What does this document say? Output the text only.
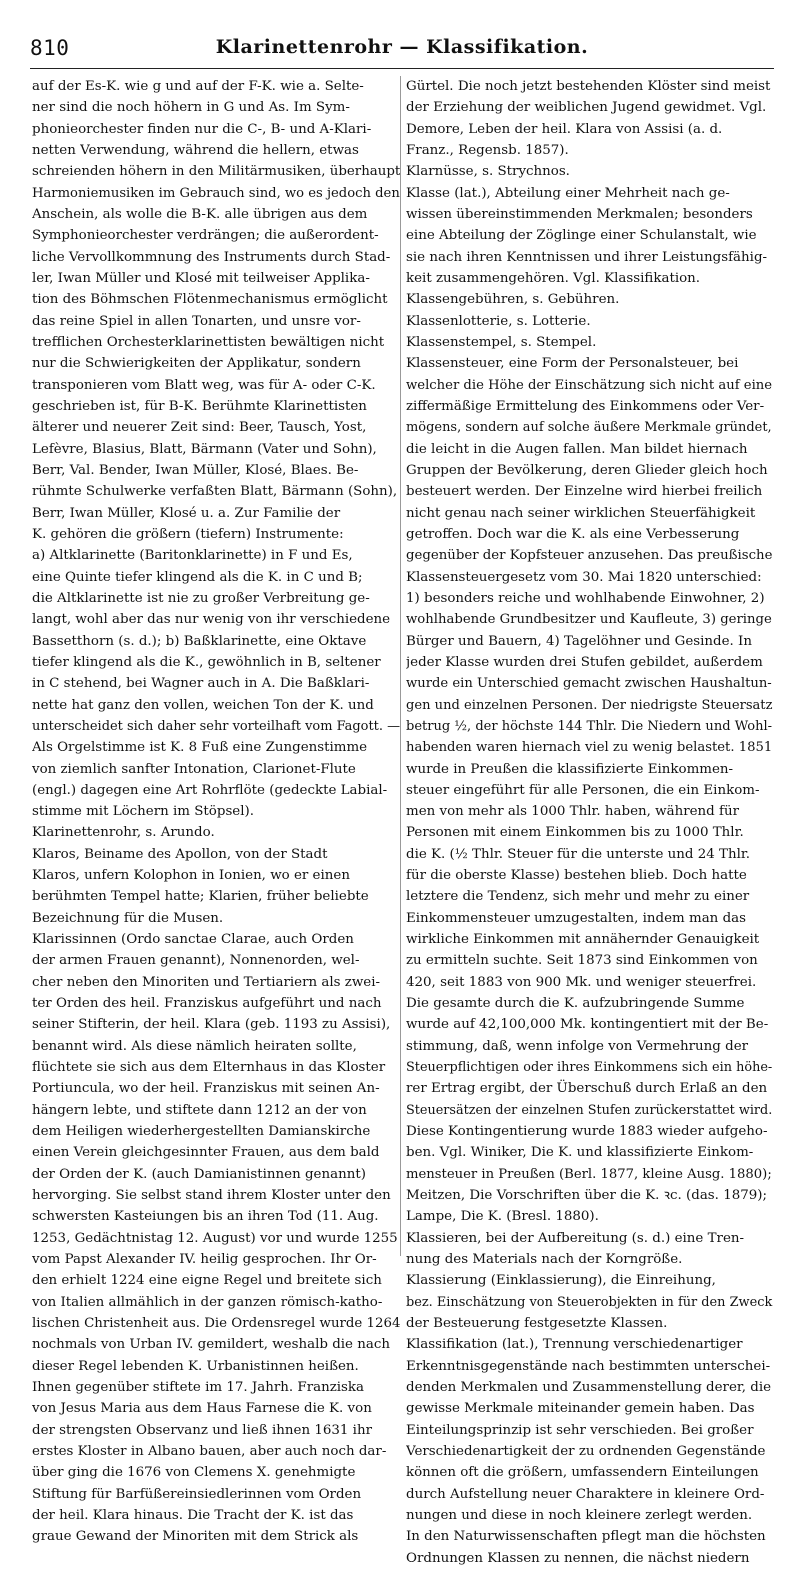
810	Klarinettenrohr — Klassifikation.
auf der Es-K. wie g und auf der F-K. wie a. Selte-
ner sind die noch höhern in G und As. Im Sym-
phonieorchester finden nur die C-, B- und A-Klari-
netten Verwendung, während die hellern, etwas
schreienden höhern in den Militärmusiken, überhaupt
Harmoniemusiken im Gebrauch sind, wo es jedoch den
Anschein, als wolle die B-K. alle übrigen aus dem
Symphonieorchester verdrängen; die außerordent-
liche Vervollkommnung des Instruments durch Stad-
ler, Iwan Müller und Klosé mit teilweiser Applika-
tion des Böhmschen Flötenmechanismus ermöglicht
das reine Spiel in allen Tonarten, und unsre vor-
trefflichen Orchesterklarinettisten bewältigen nicht
nur die Schwierigkeiten der Applikatur, sondern
transponieren vom Blatt weg, was für A- oder C-K.
geschrieben ist, für B-K. Berühmte Klarinettisten
älterer und neuerer Zeit sind: Beer, Tausch, Yost,
Lefèvre, Blasius, Blatt, Bärmann (Vater und Sohn),
Berr, Val. Bender, Iwan Müller, Klosé, Blaes. Be-
rühmte Schulwerke verfaßten Blatt, Bärmann (Sohn),
Berr, Iwan Müller, Klosé u. a. Zur Familie der
K. gehören die größern (tiefern) Instrumente:
a) Altklarinette (Baritonklarinette) in F und Es,
eine Quinte tiefer klingend als die K. in C und B;
die Altklarinette ist nie zu großer Verbreitung ge-
langt, wohl aber das nur wenig von ihr verschiedene
Bassetthorn (s. d.); b) Baßklarinette, eine Oktave
tiefer klingend als die K., gewöhnlich in B, seltener
in C stehend, bei Wagner auch in A. Die Baßklari-
nette hat ganz den vollen, weichen Ton der K. und
unterscheidet sich daher sehr vorteilhaft vom Fagott. —
Als Orgelstimme ist K. 8 Fuß eine Zungenstimme
von ziemlich sanfter Intonation, Clarionet-Flute
(engl.) dagegen eine Art Rohrflöte (gedeckte Labial-
stimme mit Löchern im Stöpsel).
Klarinettenrohr, s. Arundo.
Klaros, Beiname des Apollon, von der Stadt
Klaros, unfern Kolophon in Ionien, wo er einen
berühmten Tempel hatte; Klarien, früher beliebte
Bezeichnung für die Musen.
Klarissinnen (Ordo sanctae Clarae, auch Orden
der armen Frauen genannt), Nonnenorden, wel-
cher neben den Minoriten und Tertiariern als zwei-
ter Orden des heil. Franziskus aufgeführt und nach
seiner Stifterin, der heil. Klara (geb. 1193 zu Assisi),
benannt wird. Als diese nämlich heiraten sollte,
flüchtete sie sich aus dem Elternhaus in das Kloster
Portiuncula, wo der heil. Franziskus mit seinen An-
hängern lebte, und stiftete dann 1212 an der von
dem Heiligen wiederhergestellten Damianskirche
einen Verein gleichgesinnter Frauen, aus dem bald
der Orden der K. (auch Damianistinnen genannt)
hervorging. Sie selbst stand ihrem Kloster unter den
schwersten Kasteiungen bis an ihren Tod (11. Aug.
1253, Gedächtnistag 12. August) vor und wurde 1255
vom Papst Alexander IV. heilig gesprochen. Ihr Or-
den erhielt 1224 eine eigne Regel und breitete sich
von Italien allmählich in der ganzen römisch-katho-
lischen Christenheit aus. Die Ordensregel wurde 1264
nochmals von Urban IV. gemildert, weshalb die nach
dieser Regel lebenden K. Urbanistinnen heißen.
Ihnen gegenüber stiftete im 17. Jahrh. Franziska
von Jesus Maria aus dem Haus Farnese die K. von
der strengsten Observanz und ließ ihnen 1631 ihr
erstes Kloster in Albano bauen, aber auch noch dar-
über ging die 1676 von Clemens X. genehmigte
Stiftung für Barfüßereinsiedlerinnen vom Orden
der heil. Klara hinaus. Die Tracht der K. ist das
graue Gewand der Minoriten mit dem Strick als
Gürtel. Die noch jetzt bestehenden Klöster sind meist
der Erziehung der weiblichen Jugend gewidmet. Vgl.
Demore, Leben der heil. Klara von Assisi (a. d.
Franz., Regensb. 1857).
Klarnüsse, s. Strychnos.
Klasse (lat.), Abteilung einer Mehrheit nach ge-
wissen übereinstimmenden Merkmalen; besonders
eine Abteilung der Zöglinge einer Schulanstalt, wie
sie nach ihren Kenntnissen und ihrer Leistungsfähig-
keit zusammengehören. Vgl. Klassifikation.
Klassengebühren, s. Gebühren.
Klassenlotterie, s. Lotterie.
Klassenstempel, s. Stempel.
Klassensteuer, eine Form der Personalsteuer, bei
welcher die Höhe der Einschätzung sich nicht auf eine
ziffermäßige Ermittelung des Einkommens oder Ver-
mögens, sondern auf solche äußere Merkmale gründet,
die leicht in die Augen fallen. Man bildet hiernach
Gruppen der Bevölkerung, deren Glieder gleich hoch
besteuert werden. Der Einzelne wird hierbei freilich
nicht genau nach seiner wirklichen Steuerfähigkeit
getroffen. Doch war die K. als eine Verbesserung
gegenüber der Kopfsteuer anzusehen. Das preußische
Klassensteuergesetz vom 30. Mai 1820 unterschied:
1) besonders reiche und wohlhabende Einwohner, 2)
wohlhabende Grundbesitzer und Kaufleute, 3) geringe
Bürger und Bauern, 4) Tagelöhner und Gesinde. In
jeder Klasse wurden drei Stufen gebildet, außerdem
wurde ein Unterschied gemacht zwischen Haushaltun-
gen und einzelnen Personen. Der niedrigste Steuersatz
betrug ½, der höchste 144 Thlr. Die Niedern und Wohl-
habenden waren hiernach viel zu wenig belastet. 1851
wurde in Preußen die klassifizierte Einkommen-
steuer eingeführt für alle Personen, die ein Einkom-
men von mehr als 1000 Thlr. haben, während für
Personen mit einem Einkommen bis zu 1000 Thlr.
die K. (½ Thlr. Steuer für die unterste und 24 Thlr.
für die oberste Klasse) bestehen blieb. Doch hatte
letztere die Tendenz, sich mehr und mehr zu einer
Einkommensteuer umzugestalten, indem man das
wirkliche Einkommen mit annähernder Genauigkeit
zu ermitteln suchte. Seit 1873 sind Einkommen von
420, seit 1883 von 900 Mk. und weniger steuerfrei.
Die gesamte durch die K. aufzubringende Summe
wurde auf 42,100,000 Mk. kontingentiert mit der Be-
stimmung, daß, wenn infolge von Vermehrung der
Steuerpflichtigen oder ihres Einkommens sich ein höhe-
rer Ertrag ergibt, der Überschuß durch Erlaß an den
Steuersätzen der einzelnen Stufen zurückerstattet wird.
Diese Kontingentierung wurde 1883 wieder aufgeho-
ben. Vgl. Winiker, Die K. und klassifizierte Einkom-
mensteuer in Preußen (Berl. 1877, kleine Ausg. 1880);
Meitzen, Die Vorschriften über die K. ꝛc. (das. 1879);
Lampe, Die K. (Bresl. 1880).
Klassieren, bei der Aufbereitung (s. d.) eine Tren-
nung des Materials nach der Korngröße.
Klassierung (Einklassierung), die Einreihung,
bez. Einschätzung von Steuerobjekten in für den Zweck
der Besteuerung festgesetzte Klassen.
Klassifikation (lat.), Trennung verschiedenartiger
Erkenntnisgegenstände nach bestimmten unterschei-
denden Merkmalen und Zusammenstellung derer, die
gewisse Merkmale miteinander gemein haben. Das
Einteilungsprinzip ist sehr verschieden. Bei großer
Verschiedenartigkeit der zu ordnenden Gegenstände
können oft die größern, umfassendern Einteilungen
durch Aufstellung neuer Charaktere in kleinere Ord-
nungen und diese in noch kleinere zerlegt werden.
In den Naturwissenschaften pflegt man die höchsten
Ordnungen Klassen zu nennen, die nächst niedern
